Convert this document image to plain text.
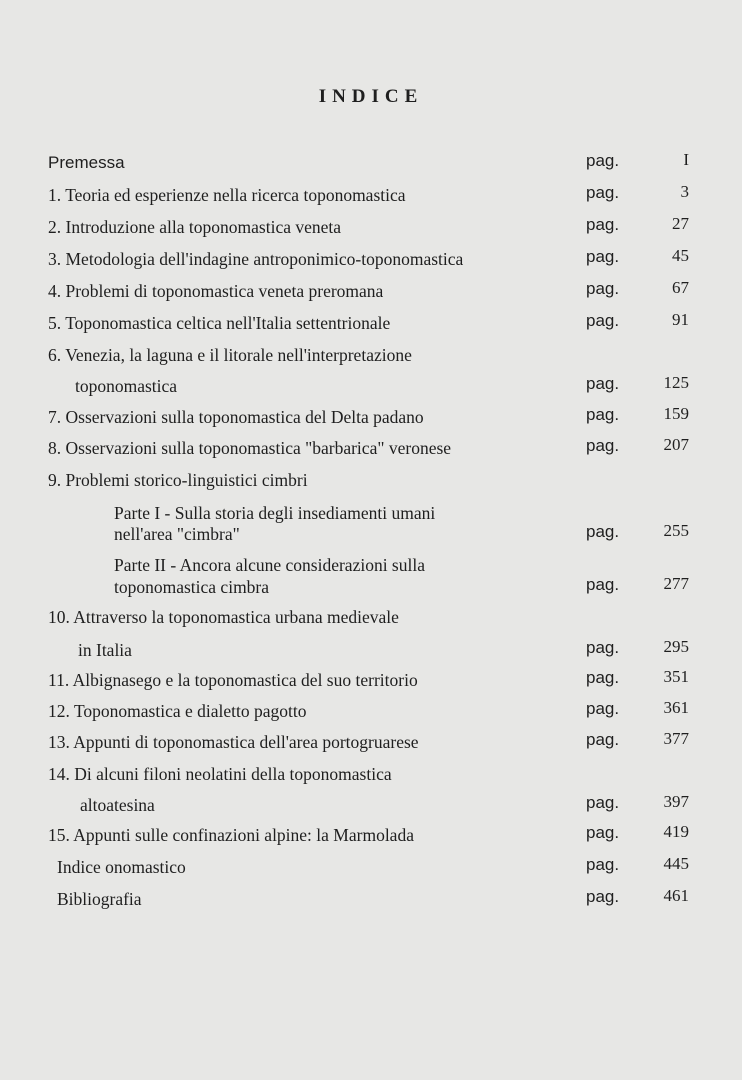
INDICE
Premessa	pag.	I
1. Teoria ed esperienze nella ricerca toponomastica	pag.	3
2. Introduzione alla toponomastica veneta	pag.	27
3. Metodologia dell'indagine antroponimico-toponomastica	pag.	45
4. Problemi di toponomastica veneta preromana	pag.	67
5. Toponomastica celtica nell'Italia settentrionale	pag.	91
6. Venezia, la laguna e il litorale nell'interpretazione
toponomastica	pag.	125
7. Osservazioni sulla toponomastica del Delta padano	pag.	159
8. Osservazioni sulla toponomastica "barbarica" veronese	pag.	207
9. Problemi storico-linguistici cimbri
Parte I - Sulla storia degli insediamenti umani
nell'area "cimbra"	pag.	255
Parte II - Ancora alcune considerazioni sulla
toponomastica cimbra	pag.	277
10. Attraverso la toponomastica urbana medievale
in Italia	pag.	295
11. Albignasego e la toponomastica del suo territorio	pag.	351
12. Toponomastica e dialetto pagotto	pag.	361
13. Appunti di toponomastica dell'area portogruarese	pag.	377
14. Di alcuni filoni neolatini della toponomastica
altoatesina	pag.	397
15. Appunti sulle confinazioni alpine: la Marmolada	pag.	419
Indice onomastico	pag.	445
Bibliografia	pag.	461
